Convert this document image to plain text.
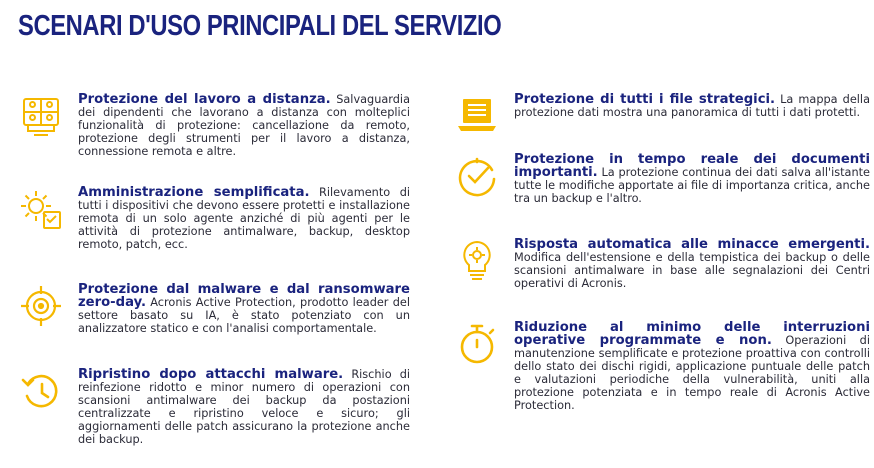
SCENARI D'USO PRINCIPALI DEL SERVIZIO
Protezione del lavoro a distanza. Salvaguardia dei dipendenti che lavorano a distanza con molteplici funzionalità di protezione: cancellazione da remoto, protezione degli strumenti per il lavoro a distanza, connessione remota e altre.
Amministrazione semplificata. Rilevamento di tutti i dispositivi che devono essere protetti e installazione remota di un solo agente anziché di più agenti per le attività di protezione antimalware, backup, desktop remoto, patch, ecc.
Protezione dal malware e dal ransomware zero-day. Acronis Active Protection, prodotto leader del settore basato su IA, è stato potenziato con un analizzatore statico e con l'analisi comportamentale.
Ripristino dopo attacchi malware. Rischio di reinfezione ridotto e minor numero di operazioni con scansioni antimalware dei backup da postazioni centralizzate e ripristino veloce e sicuro; gli aggiornamenti delle patch assicurano la protezione anche dei backup.
Protezione di tutti i file strategici. La mappa della protezione dati mostra una panoramica di tutti i dati protetti.
Protezione in tempo reale dei documenti importanti. La protezione continua dei dati salva all'istante tutte le modifiche apportate ai file di importanza critica, anche tra un backup e l'altro.
Risposta automatica alle minacce emergenti. Modifica dell'estensione e della tempistica dei backup o delle scansioni antimalware in base alle segnalazioni dei Centri operativi di Acronis.
Riduzione al minimo delle interruzioni operative programmate e non. Operazioni di manutenzione semplificate e protezione proattiva con controlli dello stato dei dischi rigidi, applicazione puntuale delle patch e valutazioni periodiche della vulnerabilità, uniti alla protezione potenziata e in tempo reale di Acronis Active Protection.
